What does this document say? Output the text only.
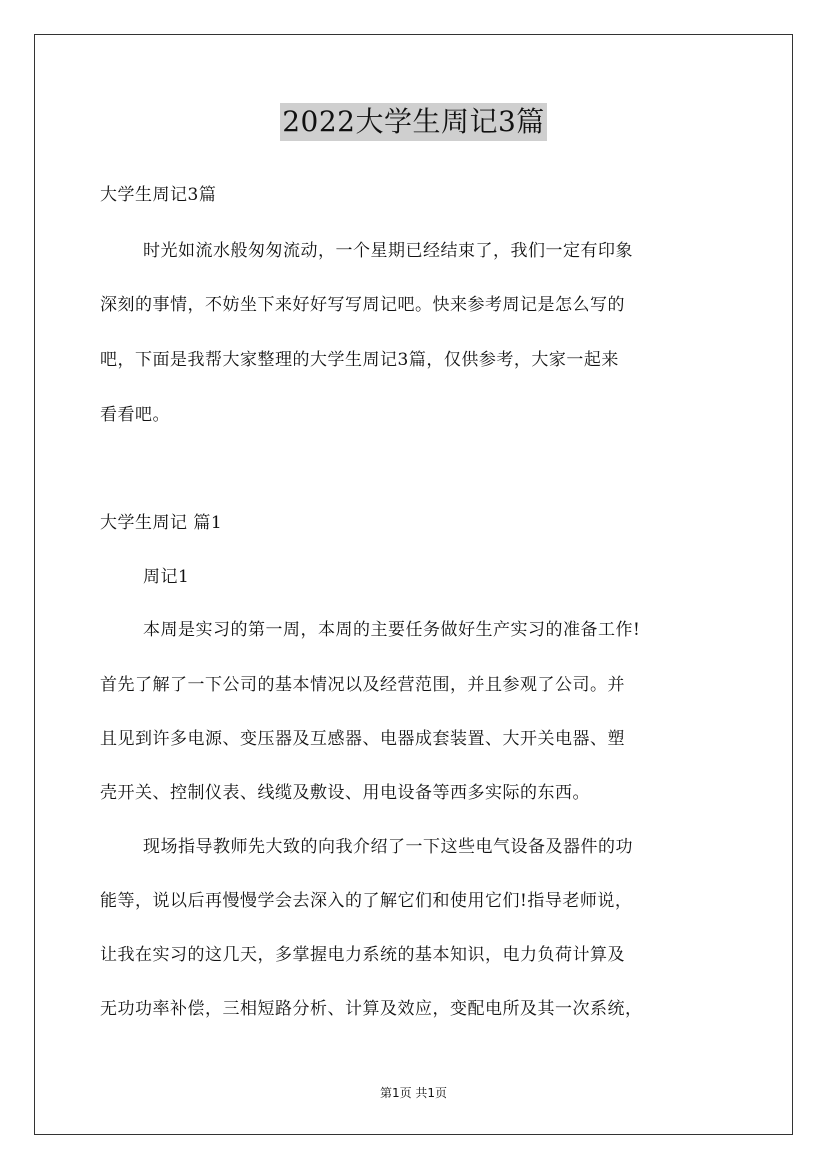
2022大学生周记3篇
大学生周记3篇
时光如流水般匆匆流动，一个星期已经结束了，我们一定有印象
深刻的事情，不妨坐下来好好写写周记吧。快来参考周记是怎么写的
吧，下面是我帮大家整理的大学生周记3篇，仅供参考，大家一起来
看看吧。
大学生周记 篇1
周记1
本周是实习的第一周，本周的主要任务做好生产实习的准备工作!
首先了解了一下公司的基本情况以及经营范围，并且参观了公司。并
且见到许多电源、变压器及互感器、电器成套装置、大开关电器、塑
壳开关、控制仪表、线缆及敷设、用电设备等西多实际的东西。
现场指导教师先大致的向我介绍了一下这些电气设备及器件的功
能等，说以后再慢慢学会去深入的了解它们和使用它们!指导老师说，
让我在实习的这几天，多掌握电力系统的基本知识，电力负荷计算及
无功功率补偿，三相短路分析、计算及效应，变配电所及其一次系统，
第1页 共1页
